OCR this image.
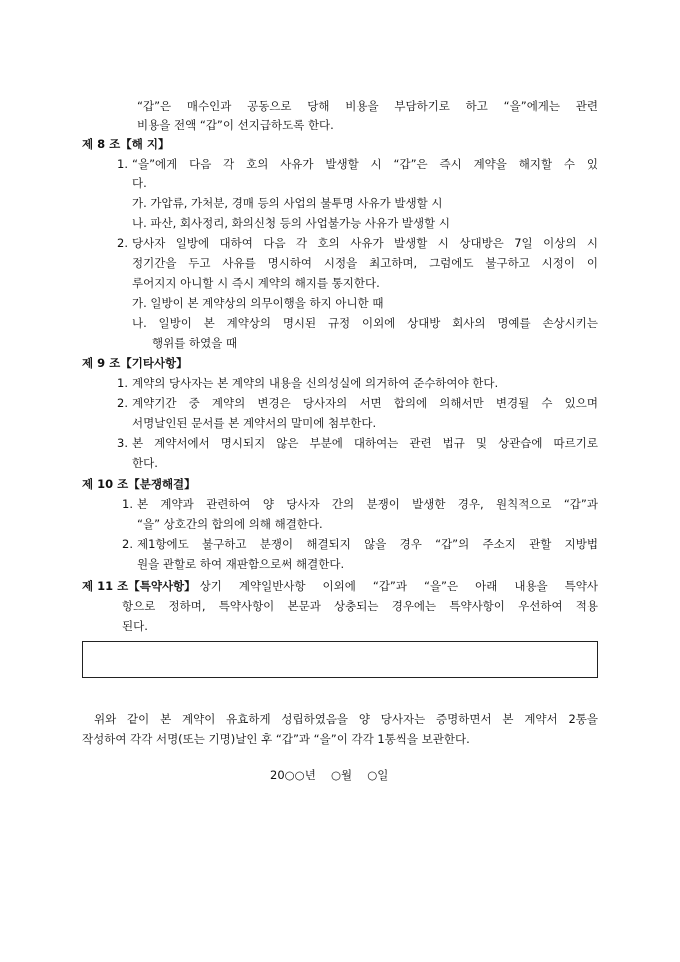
“갑”은 매수인과 공동으로 당해 비용을 부담하기로 하고 “을”에게는 관련
비용을 전액 “갑”이 선지급하도록 한다.
제 8 조【해 지】
1. “을”에게 다음 각 호의 사유가 발생할 시 “갑”은 즉시 계약을 해지할 수 있
다.
가. 가압류, 가처분, 경매 등의 사업의 불투명 사유가 발생할 시
나. 파산, 회사정리, 화의신청 등의 사업불가능 사유가 발생할 시
2. 당사자 일방에 대하여 다음 각 호의 사유가 발생할 시 상대방은 7일 이상의 시
정기간을 두고 사유를 명시하여 시정을 최고하며, 그럼에도 불구하고 시정이 이
루어지지 아니할 시 즉시 계약의 해지를 통지한다.
가. 일방이 본 계약상의 의무이행을 하지 아니한 때
나. 일방이 본 계약상의 명시된 규정 이외에 상대방 회사의 명예를 손상시키는
행위를 하였을 때
제 9 조【기타사항】
1. 계약의 당사자는 본 계약의 내용을 신의성실에 의거하여 준수하여야 한다.
2. 계약기간 중 계약의 변경은 당사자의 서면 합의에 의해서만 변경될 수 있으며
서명날인된 문서를 본 계약서의 말미에 첨부한다.
3. 본 계약서에서 명시되지 않은 부분에 대하여는 관련 법규 및 상관습에 따르기로
한다.
제 10 조【분쟁해결】
1. 본 계약과 관련하여 양 당사자 간의 분쟁이 발생한 경우, 원칙적으로 “갑”과
“을” 상호간의 합의에 의해 해결한다.
2. 제1항에도 불구하고 분쟁이 해결되지 않을 경우 “갑”의 주소지 관할 지방법
원을 관할로 하여 재판함으로써 해결한다.
제 11 조【특약사항】 상기 계약일반사항 이외에 “갑”과 “을”은 아래 내용을 특약사
항으로 정하며, 특약사항이 본문과 상충되는 경우에는 특약사항이 우선하여 적용
된다.
위와 같이 본 계약이 유효하게 성립하였음을 양 당사자는 증명하면서 본 계약서 2통을
작성하여 각각 서명(또는 기명)날인 후 “갑”과 “을”이 각각 1통씩을 보관한다.
20○○년　 ○월　 ○일
